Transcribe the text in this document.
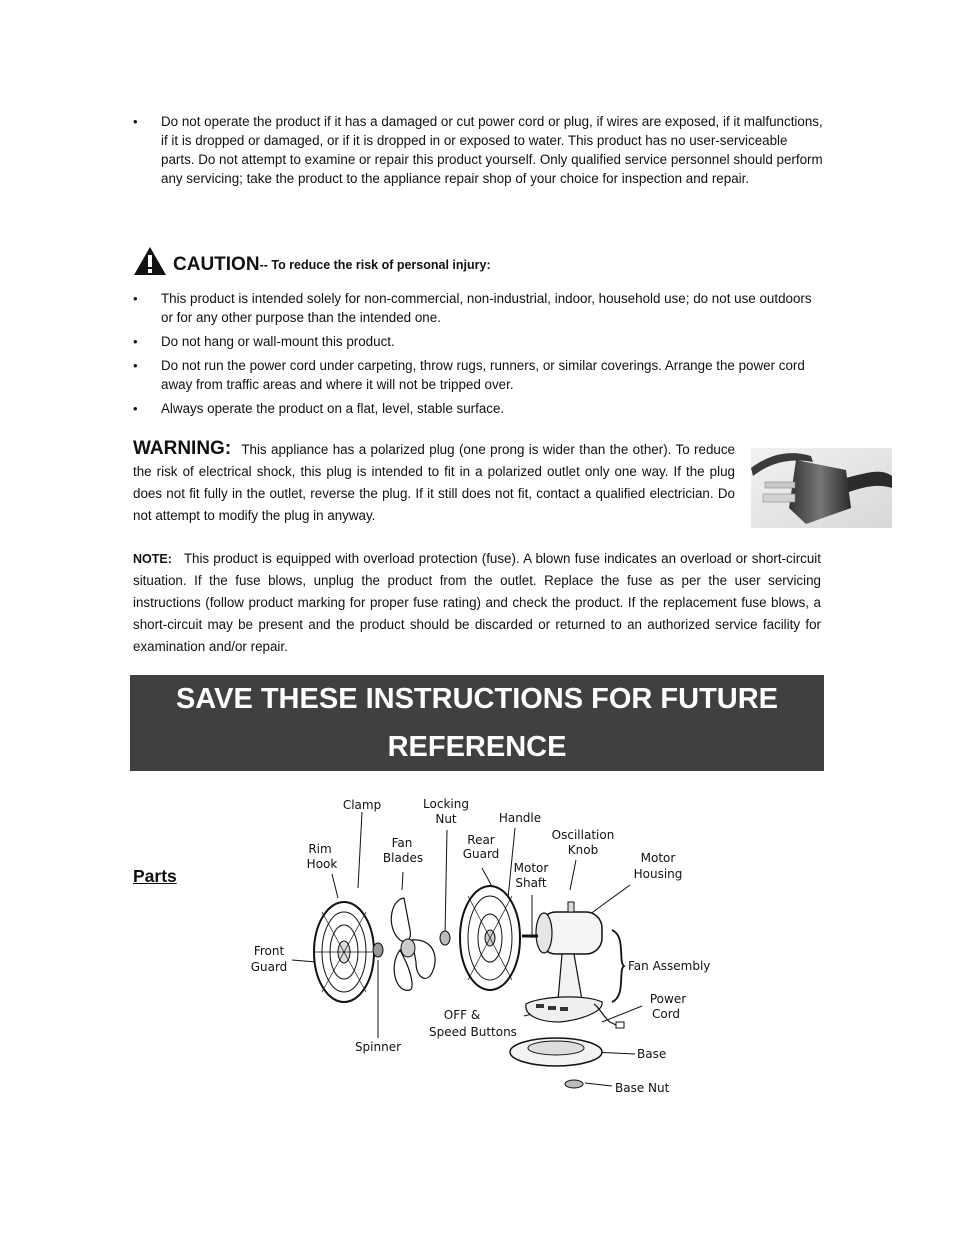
• Do not operate the product if it has a damaged or cut power cord or plug, if wires are exposed, if it malfunctions, if it is dropped or damaged, or if it is dropped in or exposed to water. This product has no user-serviceable parts. Do not attempt to examine or repair this product yourself. Only qualified service personnel should perform any servicing; take the product to the appliance repair shop of your choice for inspection and repair.
CAUTION -- To reduce the risk of personal injury:
• This product is intended solely for non-commercial, non-industrial, indoor, household use; do not use outdoors or for any other purpose than the intended one.
• Do not hang or wall-mount this product.
• Do not run the power cord under carpeting, throw rugs, runners, or similar coverings. Arrange the power cord away from traffic areas and where it will not be tripped over.
• Always operate the product on a flat, level, stable surface.
WARNING: This appliance has a polarized plug (one prong is wider than the other). To reduce the risk of electrical shock, this plug is intended to fit in a polarized outlet only one way. If the plug does not fit fully in the outlet, reverse the plug. If it still does not fit, contact a qualified electrician. Do not attempt to modify the plug in anyway.
NOTE: This product is equipped with overload protection (fuse). A blown fuse indicates an overload or short-circuit situation. If the fuse blows, unplug the product from the outlet. Replace the fuse as per the user servicing instructions (follow product marking for proper fuse rating) and check the product. If the replacement fuse blows, a short-circuit may be present and the product should be discarded or returned to an authorized service facility for examination and/or repair.
SAVE THESE INSTRUCTIONS FOR FUTURE
REFERENCE
Parts
Clamp	Locking
Nut	Handle
Oscillation
Knob
Rim
Hook
Fan
Blades
Rear
Guard
Motor
Shaft
Motor
Housing
Front
Guard	Fan Assembly
Power
Cord
OFF &
Speed Buttons
Spinner	Base
Base Nut
